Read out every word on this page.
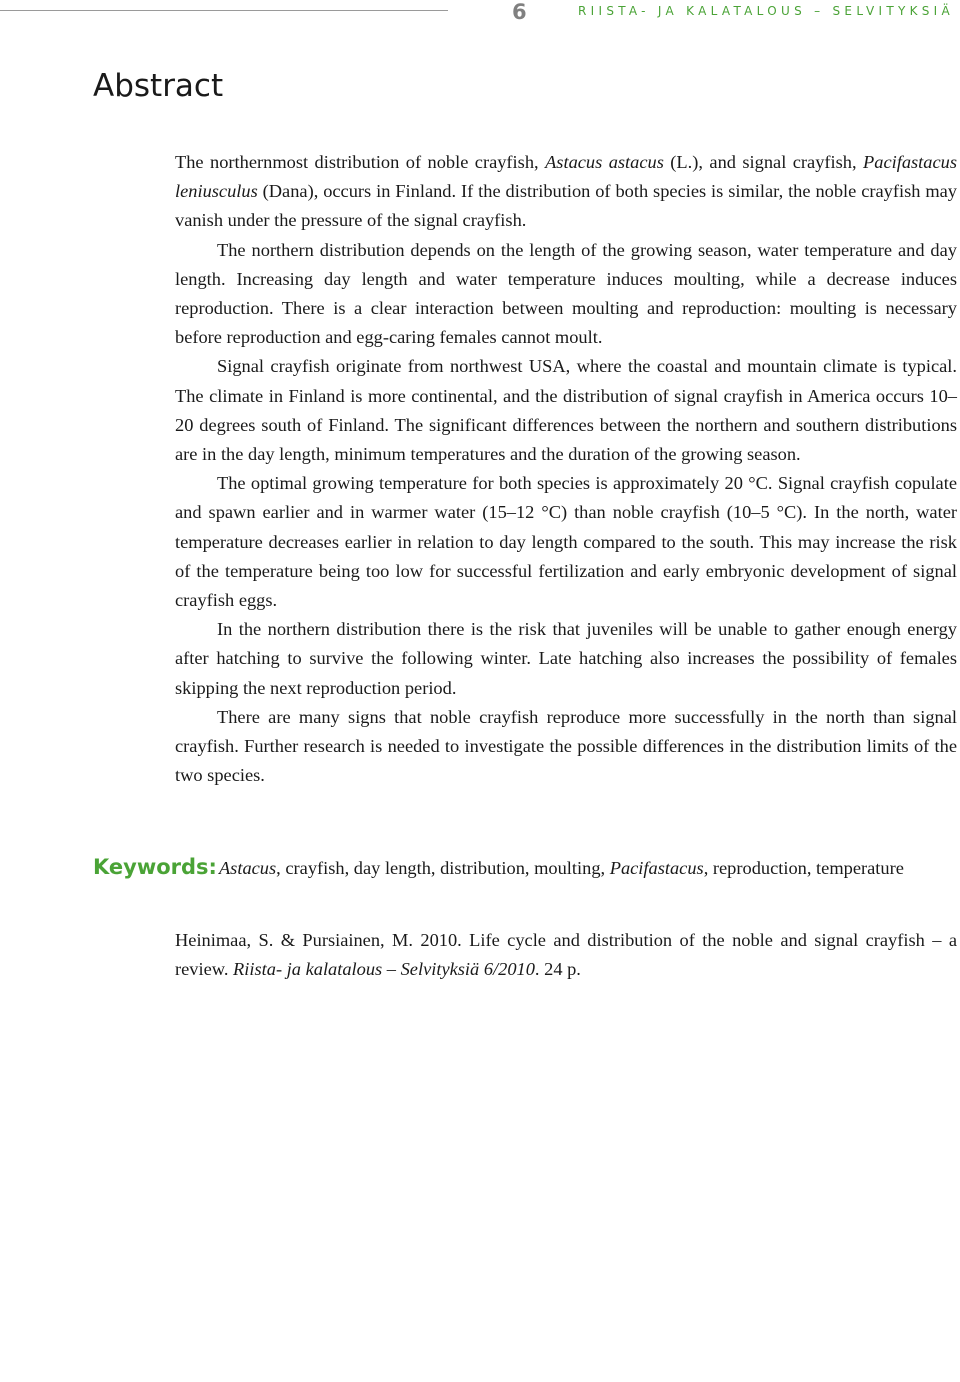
6	RIISTA- JA KALATALOUS – SELVITYKSIÄ
Abstract

The northernmost distribution of noble crayfish, Astacus astacus (L.), and signal crayfish, Pacifastacus leniusculus (Dana), occurs in Finland. If the distribution of both species is similar, the noble crayfish may vanish under the pressure of the signal crayfish.

The northern distribution depends on the length of the growing season, water temperature and day length. Increasing day length and water temperature induces moulting, while a decrease induces reproduction. There is a clear interaction between moulting and reproduction: moulting is necessary before reproduction and egg-caring females cannot moult.

Signal crayfish originate from northwest USA, where the coastal and mountain climate is typical. The climate in Finland is more continental, and the distribution of signal crayfish in America occurs 10–20 degrees south of Finland. The significant differences between the northern and southern distributions are in the day length, minimum temperatures and the duration of the growing season.

The optimal growing temperature for both species is approximately 20 °C. Signal crayfish copulate and spawn earlier and in warmer water (15–12 °C) than noble crayfish (10–5 °C). In the north, water temperature decreases earlier in relation to day length compared to the south. This may increase the risk of the temperature being too low for successful fertilization and early embryonic development of signal crayfish eggs.

In the northern distribution there is the risk that juveniles will be unable to gather enough energy after hatching to survive the following winter. Late hatching also increases the possibility of females skipping the next reproduction period.

There are many signs that noble crayfish reproduce more successfully in the north than signal crayfish. Further research is needed to investigate the possible differences in the distribution limits of the two species.

Keywords: Astacus, crayfish, day length, distribution, moulting, Pacifastacus, reproduction, temperature
Heinimaa, S. & Pursiainen, M. 2010. Life cycle and distribution of the noble and signal crayfish – a review. Riista- ja kalatalous – Selvityksiä 6/2010. 24 p.
